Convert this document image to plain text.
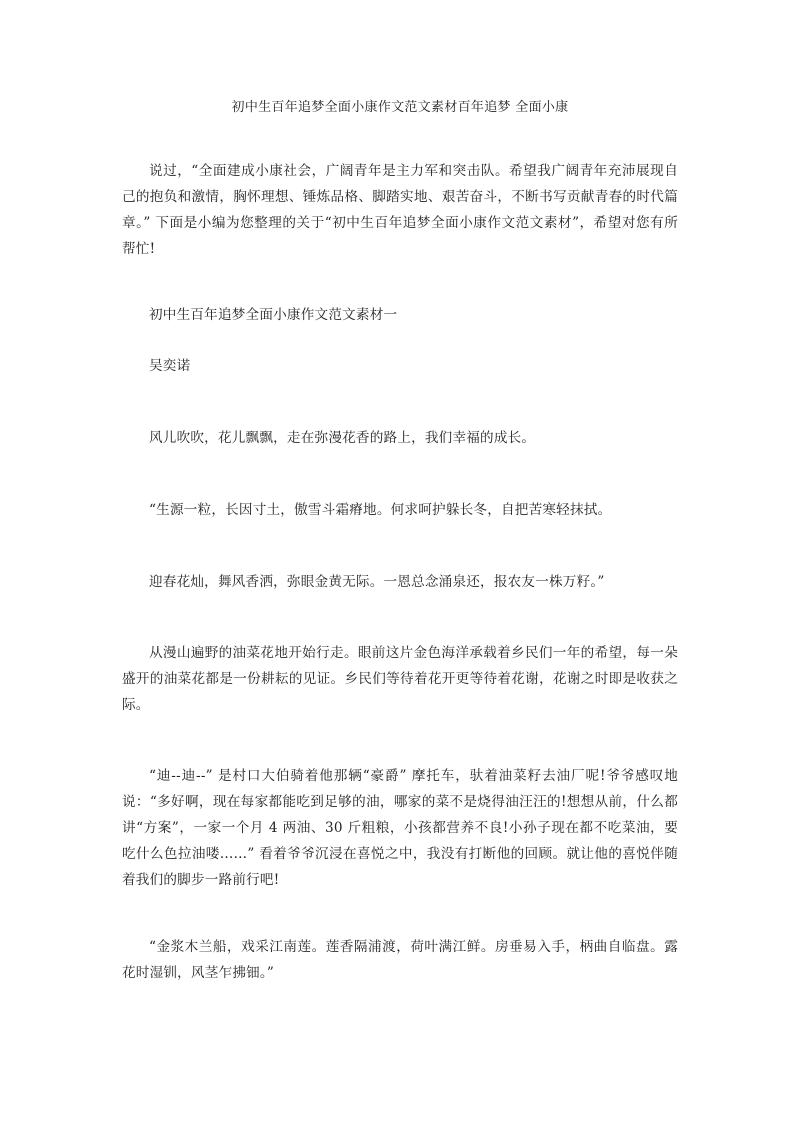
初中生百年追梦全面小康作文范文素材百年追梦 全面小康

说过，“全面建成小康社会，广阔青年是主力军和突击队。希望我广阔青年充沛展现自己的抱负和激情，胸怀理想、锤炼品格、脚踏实地、艰苦奋斗，不断书写贡献青春的时代篇章。” 下面是小编为您整理的关于“初中生百年追梦全面小康作文范文素材”，希望对您有所帮忙!

初中生百年追梦全面小康作文范文素材一

吴奕诺

风儿吹吹，花儿飘飘，走在弥漫花香的路上，我们幸福的成长。

“生源一粒，长因寸土，傲雪斗霜瘠地。何求呵护躲长冬，自把苦寒轻抹拭。

迎春花灿，舞风香洒，弥眼金黄无际。一恩总念涌泉还，报农友一株万籽。”

从漫山遍野的油菜花地开始行走。眼前这片金色海洋承载着乡民们一年的希望，每一朵盛开的油菜花都是一份耕耘的见证。乡民们等待着花开更等待着花谢，花谢之时即是收获之际。

“迪--迪--” 是村口大伯骑着他那辆“豪爵” 摩托车，驮着油菜籽去油厂呢!爷爷感叹地说：“多好啊，现在每家都能吃到足够的油，哪家的菜不是烧得油汪汪的!想想从前，什么都讲“方案”，一家一个月 4 两油、30 斤粗粮，小孩都营养不良!小孙子现在都不吃菜油，要吃什么色拉油喽……” 看着爷爷沉浸在喜悦之中，我没有打断他的回顾。就让他的喜悦伴随着我们的脚步一路前行吧!

“金浆木兰船，戏采江南莲。莲香隔浦渡，荷叶满江鲜。房垂易入手，柄曲自临盘。露花时湿钏，风茎乍拂钿。”
